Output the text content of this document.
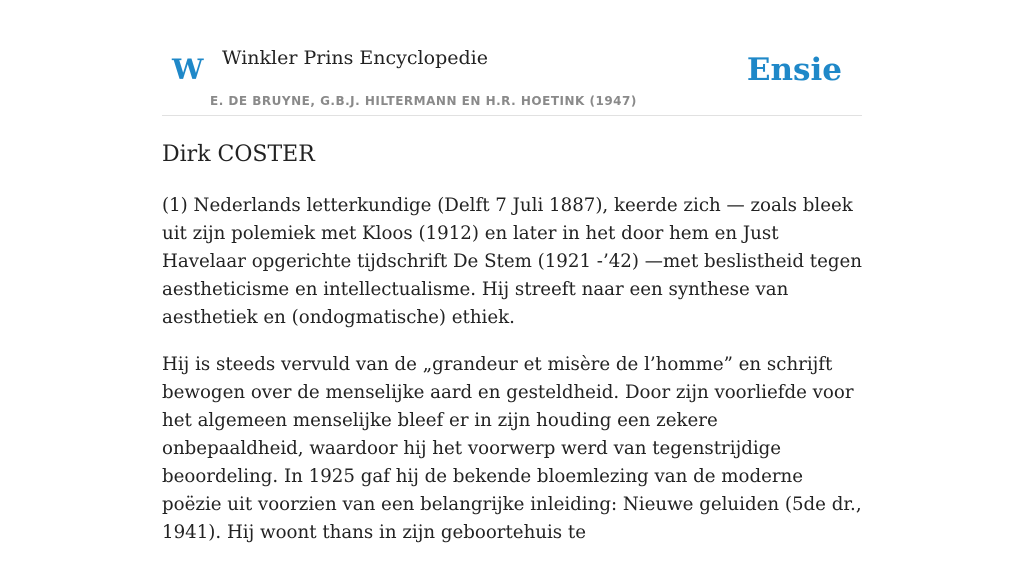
W Winkler Prins Encyclopedie
E. DE BRUYNE, G.B.J. HILTERMANN EN H.R. HOETINK (1947)
Ensie
Dirk COSTER

(1) Nederlands letterkundige (Delft 7 Juli 1887), keerde zich — zoals bleek uit zijn polemiek met Kloos (1912) en later in het door hem en Just Havelaar opgerichte tijdschrift De Stem (1921 -’42) —met beslistheid tegen aestheticisme en intellectualisme. Hij streeft naar een synthese van aesthetiek en (ondogmatische) ethiek.

Hij is steeds vervuld van de „grandeur et misère de l’homme” en schrijft bewogen over de menselijke aard en gesteldheid. Door zijn voorliefde voor het algemeen menselijke bleef er in zijn houding een zekere onbepaaldheid, waardoor hij het voorwerp werd van tegenstrijdige beoordeling. In 1925 gaf hij de bekende bloemlezing van de moderne poëzie uit voorzien van een belangrijke inleiding: Nieuwe geluiden (5de dr., 1941). Hij woont thans in zijn geboortehuis te
